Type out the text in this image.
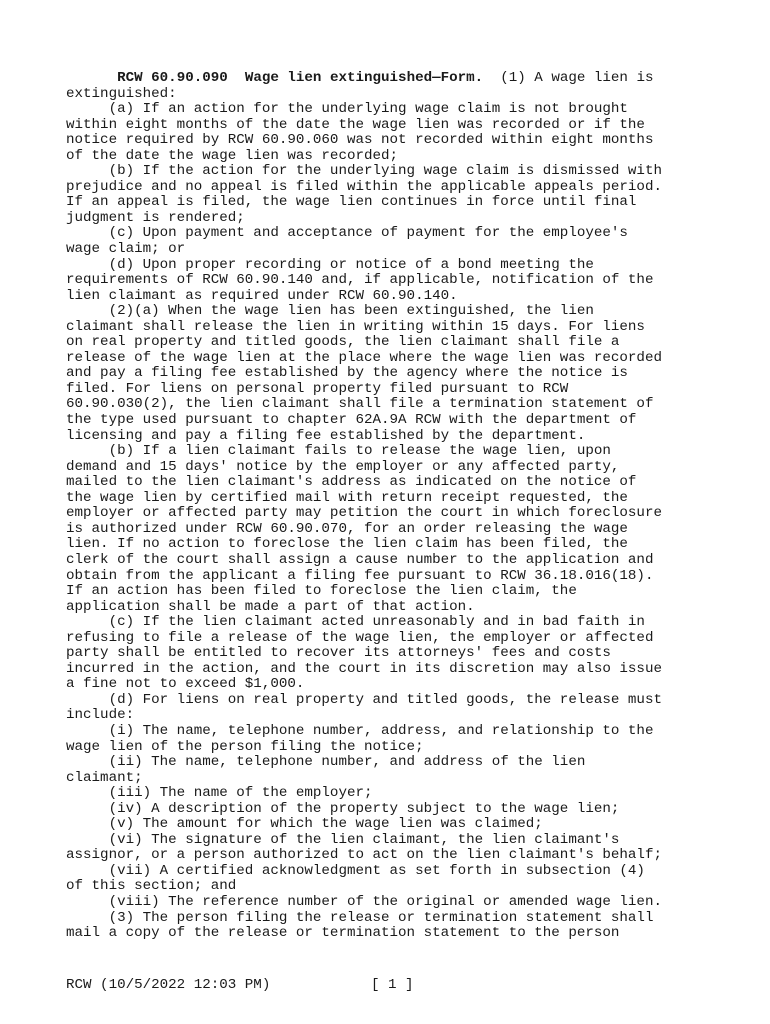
RCW 60.90.090 Wage lien extinguished—Form.  (1) A wage lien is
extinguished:
(a) If an action for the underlying wage claim is not brought
within eight months of the date the wage lien was recorded or if the
notice required by RCW 60.90.060 was not recorded within eight months
of the date the wage lien was recorded;
(b) If the action for the underlying wage claim is dismissed with
prejudice and no appeal is filed within the applicable appeals period.
If an appeal is filed, the wage lien continues in force until final
judgment is rendered;
(c) Upon payment and acceptance of payment for the employee's
wage claim; or
(d) Upon proper recording or notice of a bond meeting the
requirements of RCW 60.90.140 and, if applicable, notification of the
lien claimant as required under RCW 60.90.140.
(2)(a) When the wage lien has been extinguished, the lien
claimant shall release the lien in writing within 15 days. For liens
on real property and titled goods, the lien claimant shall file a
release of the wage lien at the place where the wage lien was recorded
and pay a filing fee established by the agency where the notice is
filed. For liens on personal property filed pursuant to RCW
60.90.030(2), the lien claimant shall file a termination statement of
the type used pursuant to chapter 62A.9A RCW with the department of
licensing and pay a filing fee established by the department.
(b) If a lien claimant fails to release the wage lien, upon
demand and 15 days' notice by the employer or any affected party,
mailed to the lien claimant's address as indicated on the notice of
the wage lien by certified mail with return receipt requested, the
employer or affected party may petition the court in which foreclosure
is authorized under RCW 60.90.070, for an order releasing the wage
lien. If no action to foreclose the lien claim has been filed, the
clerk of the court shall assign a cause number to the application and
obtain from the applicant a filing fee pursuant to RCW 36.18.016(18).
If an action has been filed to foreclose the lien claim, the
application shall be made a part of that action.
(c) If the lien claimant acted unreasonably and in bad faith in
refusing to file a release of the wage lien, the employer or affected
party shall be entitled to recover its attorneys' fees and costs
incurred in the action, and the court in its discretion may also issue
a fine not to exceed $1,000.
(d) For liens on real property and titled goods, the release must
include:
(i) The name, telephone number, address, and relationship to the
wage lien of the person filing the notice;
(ii) The name, telephone number, and address of the lien
claimant;
(iii) The name of the employer;
(iv) A description of the property subject to the wage lien;
(v) The amount for which the wage lien was claimed;
(vi) The signature of the lien claimant, the lien claimant's
assignor, or a person authorized to act on the lien claimant's behalf;
(vii) A certified acknowledgment as set forth in subsection (4)
of this section; and
(viii) The reference number of the original or amended wage lien.
(3) The person filing the release or termination statement shall
mail a copy of the release or termination statement to the person
RCW (10/5/2022 12:03 PM)	[ 1 ]
